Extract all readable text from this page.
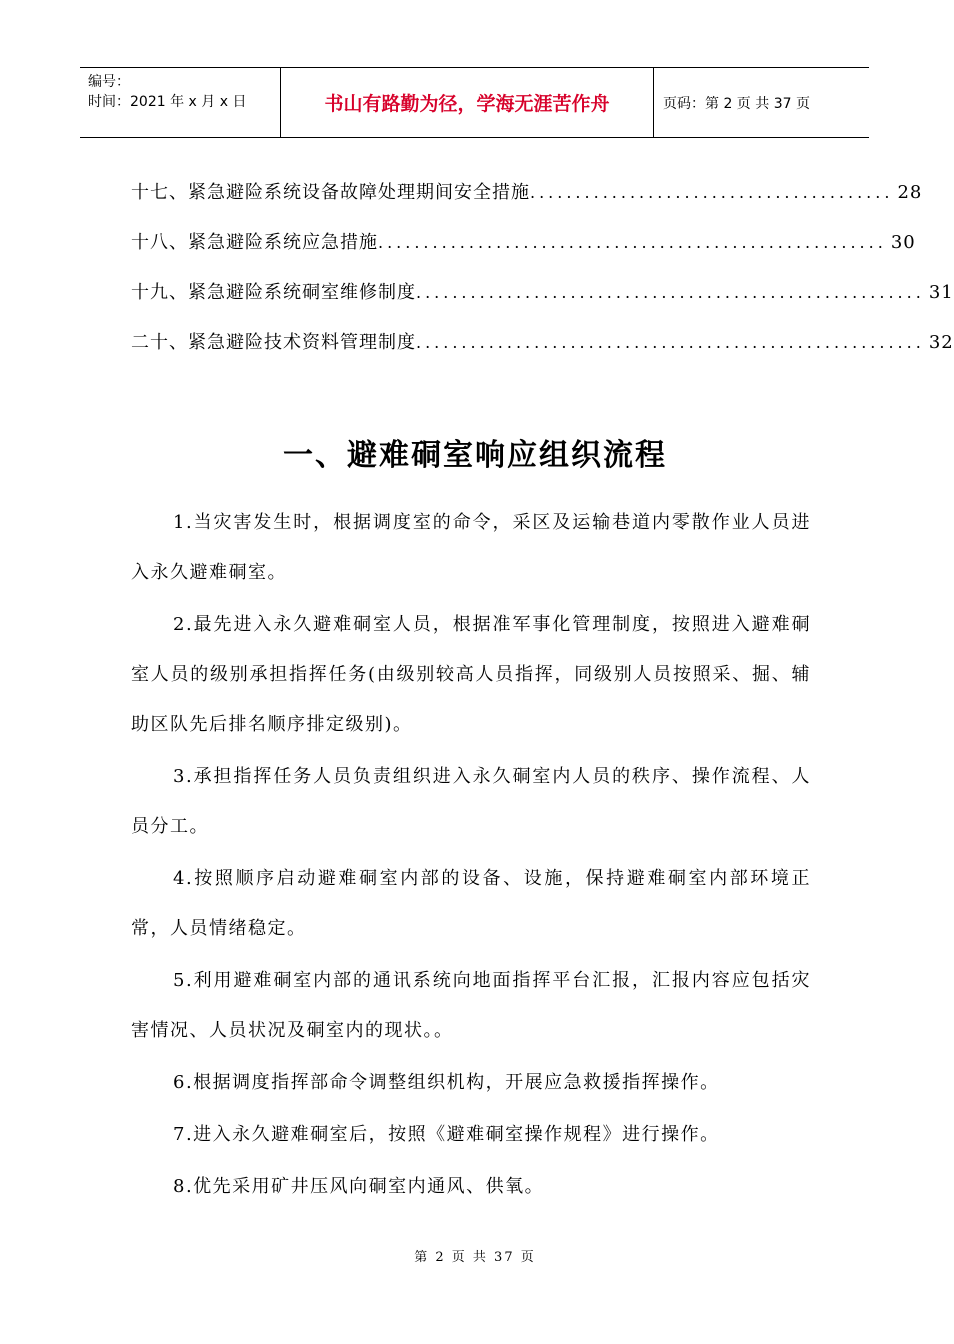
编号：
时间：2021 年 x 月 x 日	书山有路勤为径，学海无涯苦作舟	页码：第 2 页 共 37 页
十七、紧急避险系统设备故障处理期间安全措施 ........................................ 28
十八、紧急避险系统应急措施 ........................................................ 30
十九、紧急避险系统硐室维修制度 ........................................................ 31
二十、紧急避险技术资料管理制度 ........................................................ 32
一、避难硐室响应组织流程

1.当灾害发生时，根据调度室的命令，采区及运输巷道内零散作业人员进入永久避难硐室。

2.最先进入永久避难硐室人员，根据准军事化管理制度，按照进入避难硐室人员的级别承担指挥任务(由级别较高人员指挥，同级别人员按照采、掘、辅助区队先后排名顺序排定级别)。

3.承担指挥任务人员负责组织进入永久硐室内人员的秩序、操作流程、人员分工。

4.按照顺序启动避难硐室内部的设备、设施，保持避难硐室内部环境正常，人员情绪稳定。

5.利用避难硐室内部的通讯系统向地面指挥平台汇报，汇报内容应包括灾害情况、人员状况及硐室内的现状。。

6.根据调度指挥部命令调整组织机构，开展应急救援指挥操作。

7.进入永久避难硐室后，按照《避难硐室操作规程》进行操作。

8.优先采用矿井压风向硐室内通风、供氧。

第 2 页 共 37 页
